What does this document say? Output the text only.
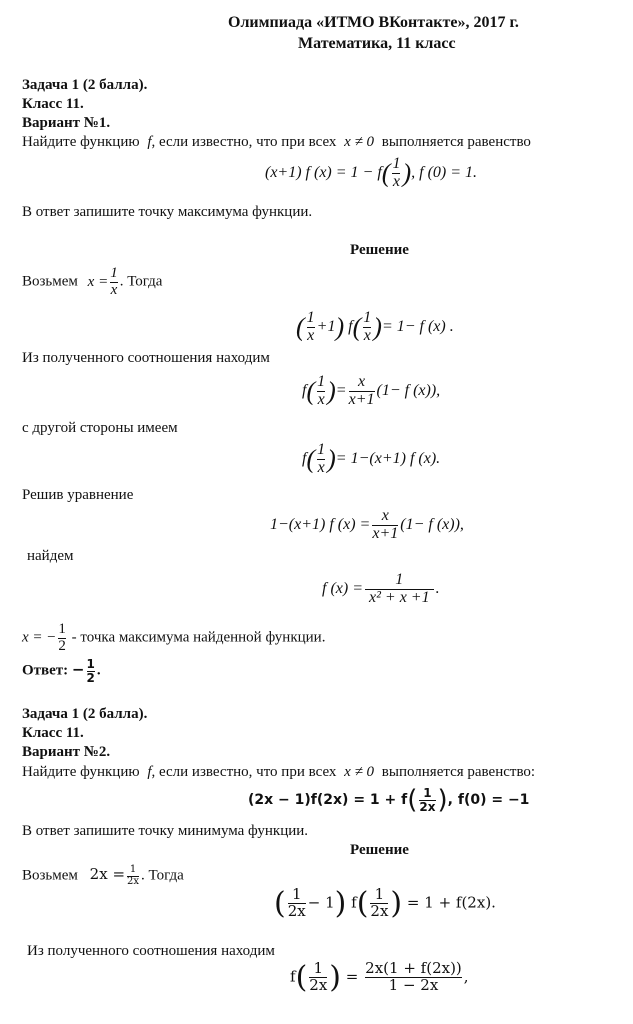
Олимпиада «ИТМО ВКонтакте», 2017 г.
Математика, 11 класс
Задача 1 (2 балла).
Класс 11.
Вариант №1.
Найдите функцию f, если известно, что при всех x ≠ 0 выполняется равенство
(x+1) f $(x) = 1 - f( \frac{1}{x}$ ), f (0) = 1.
В ответ запишите точку максимума функции.
Решение
Возьмем $x = \frac{1}{x}$ . Тогда
( $\frac{1}{x} +1$) $f( \frac{1}{x}$ )= 1− f (x) .
Из полученного соотношения находим
$f( \frac{1}{x}$ )= $\frac{x}{x+1} (1- f$ (x)),
с другой стороны имеем
$f( \frac{1}{x}$ )= 1−(x+1) f (x).
Решив уравнение
1−(x+1) f $(x) = \frac{x}{x+1} (1- f$ (x)),
найдем
f $(x) = \frac{1}{\text{x² + x +1}}$ .
x = − $\frac{1}{2}$ - точка максимума найденной функции.
Ответ: − $\frac{1}{2}$ .
Задача 1 (2 балла).
Класс 11.
Вариант №2.
Найдите функцию f, если известно, что при всех x ≠ 0 выполняется равенство:
$(2x - 1)f(2x) = 1 + f( \frac{1}{2x}$ ), f(0) = −1
В ответ запишите точку минимума функции.
Решение
Возьмем $2x = \frac{1}{2x}$ . Тогда
( $\frac{1}{2x} - 1$) $f( \frac{1}{2x}$ ) = 1 + f(2x).
Из полученного соотношения находим
$f( \frac{1}{2x}$ ) = $\frac{2x(1 + f(2x))}{1 - 2x}$ ,
